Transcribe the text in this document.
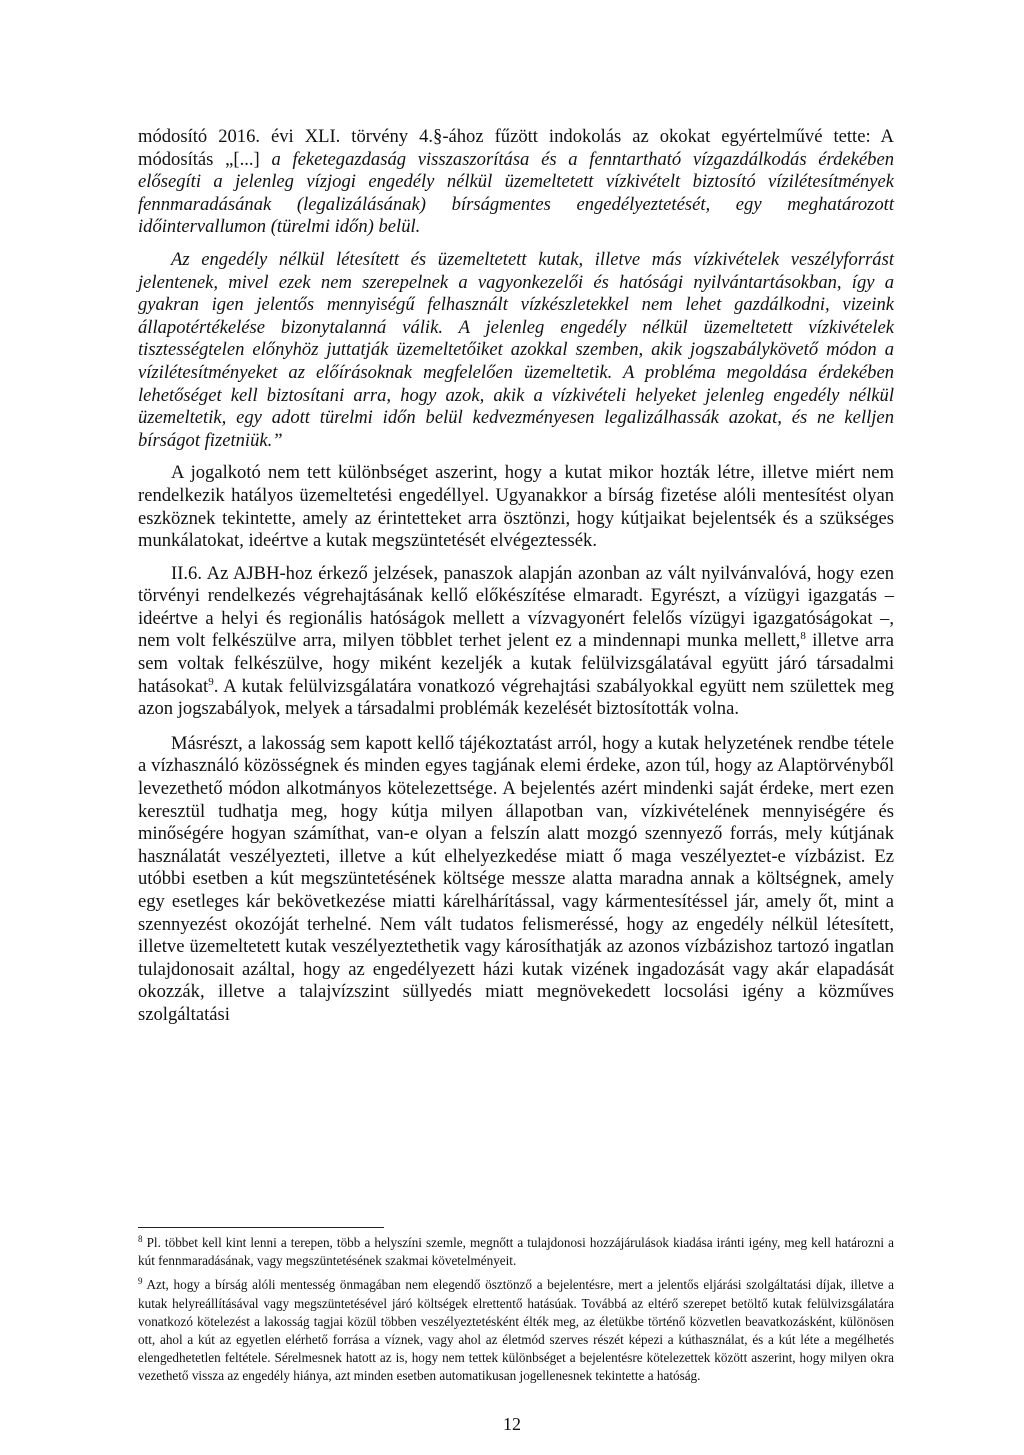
módosító 2016. évi XLI. törvény 4.§-ához fűzött indokolás az okokat egyértelművé tette: A módosítás „[...] a feketegazdaság visszaszorítása és a fenntartható vízgazdálkodás érdekében elősegíti a jelenleg vízjogi engedély nélkül üzemeltetett vízkivételt biztosító vízilétesítmények fennmaradásának (legalizálásának) bírságmentes engedélyeztetését, egy meghatározott időintervallumon (türelmi időn) belül.

Az engedély nélkül létesített és üzemeltetett kutak, illetve más vízkivételek veszélyforrást jelentenek, mivel ezek nem szerepelnek a vagyonkezelői és hatósági nyilvántartásokban, így a gyakran igen jelentős mennyiségű felhasznált vízkészletekkel nem lehet gazdálkodni, vizeink állapotértékelése bizonytalanná válik. A jelenleg engedély nélkül üzemeltetett vízkivételek tisztességtelen előnyhöz juttatják üzemeltetőiket azokkal szemben, akik jogszabálykövető módon a vízilétesítményeket az előírásoknak megfelelően üzemeltetik. A probléma megoldása érdekében lehetőséget kell biztosítani arra, hogy azok, akik a vízkivételi helyeket jelenleg engedély nélkül üzemeltetik, egy adott türelmi időn belül kedvezményesen legalizálhassák azokat, és ne kelljen bírságot fizetniük.”

A jogalkotó nem tett különbséget aszerint, hogy a kutat mikor hozták létre, illetve miért nem rendelkezik hatályos üzemeltetési engedéllyel. Ugyanakkor a bírság fizetése alóli mentesítést olyan eszköznek tekintette, amely az érintetteket arra ösztönzi, hogy kútjaikat bejelentsék és a szükséges munkálatokat, ideértve a kutak megszüntetését elvégeztessék.

II.6. Az AJBH-hoz érkező jelzések, panaszok alapján azonban az vált nyilvánvalóvá, hogy ezen törvényi rendelkezés végrehajtásának kellő előkészítése elmaradt. Egyrészt, a vízügyi igazgatás – ideértve a helyi és regionális hatóságok mellett a vízvagyonért felelős vízügyi igazgatóságokat –, nem volt felkészülve arra, milyen többlet terhet jelent ez a mindennapi munka mellett,$^8$ illetve arra sem voltak felkészülve, hogy miként kezeljék a kutak felülvizsgálatával együtt járó társadalmi hatásokat$^9$. A kutak felülvizsgálatára vonatkozó végrehajtási szabályokkal együtt nem születtek meg azon jogszabályok, melyek a társadalmi problémák kezelését biztosították volna.

Másrészt, a lakosság sem kapott kellő tájékoztatást arról, hogy a kutak helyzetének rendbe tétele a vízhasználó közösségnek és minden egyes tagjának elemi érdeke, azon túl, hogy az Alaptörvényből levezethető módon alkotmányos kötelezettsége. A bejelentés azért mindenki saját érdeke, mert ezen keresztül tudhatja meg, hogy kútja milyen állapotban van, vízkivételének mennyiségére és minőségére hogyan számíthat, van-e olyan a felszín alatt mozgó szennyező forrás, mely kútjának használatát veszélyezteti, illetve a kút elhelyezkedése miatt ő maga veszélyeztet-e vízbázist. Ez utóbbi esetben a kút megszüntetésének költsége messze alatta maradna annak a költségnek, amely egy esetleges kár bekövetkezése miatti kárelhárítással, vagy kármentesítéssel jár, amely őt, mint a szennyezést okozóját terhelné. Nem vált tudatos felismeréssé, hogy az engedély nélkül létesített, illetve üzemeltetett kutak veszélyeztethetik vagy károsíthatják az azonos vízbázishoz tartozó ingatlan tulajdonosait azáltal, hogy az engedélyezett házi kutak vizének ingadozását vagy akár elapadását okozzák, illetve a talajvízszint süllyedés miatt megnövekedett locsolási igény a közműves szolgáltatási

$^8$ Pl. többet kell kint lenni a terepen, több a helyszíni szemle, megnőtt a tulajdonosi hozzájárulások kiadása iránti igény, meg kell határozni a kút fennmaradásának, vagy megszüntetésének szakmai követelményeit.

$^9$ Azt, hogy a bírság alóli mentesség önmagában nem elegendő ösztönző a bejelentésre, mert a jelentős eljárási szolgáltatási díjak, illetve a kutak helyreállításával vagy megszüntetésével járó költségek elrettentő hatásúak. Továbbá az eltérő szerepet betöltő kutak felülvizsgálatára vonatkozó kötelezést a lakosság tagjai közül többen veszélyeztetésként élték meg, az életükbe történő közvetlen beavatkozásként, különösen ott, ahol a kút az egyetlen elérhető forrása a víznek, vagy ahol az életmód szerves részét képezi a kúthasználat, és a kút léte a megélhetés elengedhetetlen feltétele. Sérelmesnek hatott az is, hogy nem tettek különbséget a bejelentésre kötelezettek között aszerint, hogy milyen okra vezethető vissza az engedély hiánya, azt minden esetben automatikusan jogellenesnek tekintette a hatóság.

12
